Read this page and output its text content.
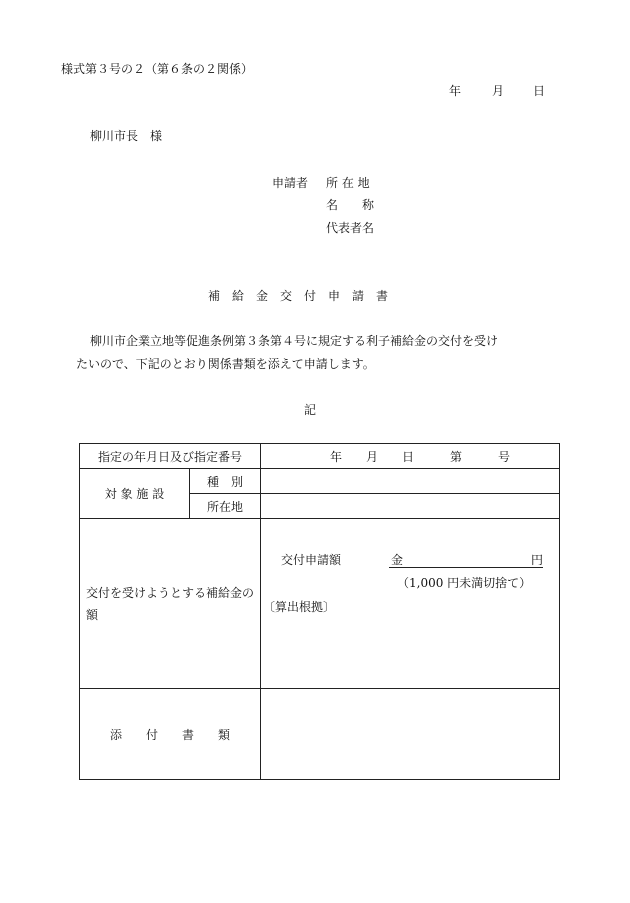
様式第３号の２（第６条の２関係）
年	月 日
柳川市長　様
申請者 所 在 地
名　　称
代表者名
補　給　金　交　付　申　請　書
柳川市企業立地等促進条例第３条第４号に規定する利子補給金の交付を受け
たいので、下記のとおり関係書類を添えて申請します。
記
指定の年月日及び指定番号		年　　月　　日　　　第　　　号
対 象 施 設	種　別	
	所在地	

交付を受けようとする補給金の額		交付申請額 金 円
（1,000 円未満切捨て）
〔算出根拠〕

添　　付　　書　　類		
